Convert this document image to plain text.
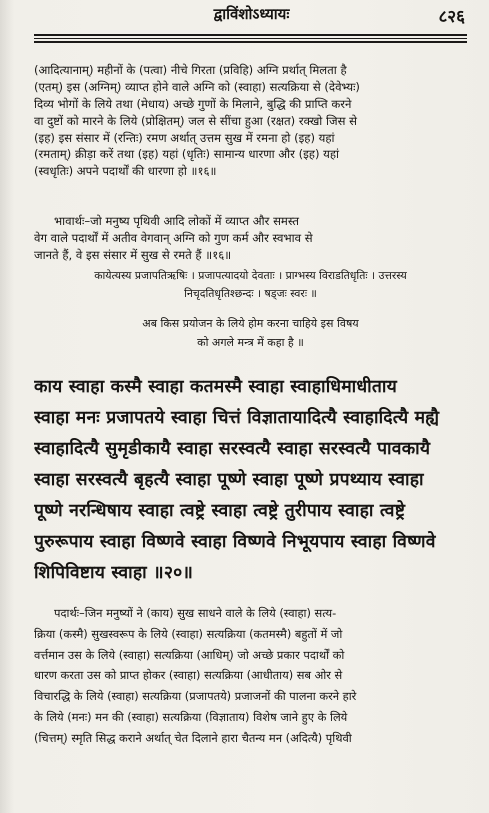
द्वाविंशोऽध्यायः	८२६
(आदित्यानाम्) महीनों के (पत्वा) नीचे गिरता (प्रविहि) अग्नि प्रर्थात् मिलता है
(एतम्) इस (अग्निम्) व्याप्त होने वाले अग्नि को (स्वाहा) सत्यक्रिया से (देवेभ्यः)
दिव्य भोगों के लिये तथा (मेधाय) अच्छे गुणों के मिलाने, बुद्धि की प्राप्ति करने
वा दुष्टों को मारने के लिये (प्रोक्षितम्) जल से सींचा हुआ (रक्षत) रक्खो जिस से
(इह) इस संसार में (रन्तिः) रमण अर्थात् उत्तम सुख में रमना हो (इह) यहां
(रमताम्) क्रीड़ा करें तथा (इह) यहां (धृतिः) सामान्य धारणा और (इह) यहां
(स्वधृतिः) अपने पदार्थों की धारणा हो ॥१६॥
भावार्थः–जो मनुष्य पृथिवी आदि लोकों में व्याप्त और समस्त
वेग वाले पदार्थों में अतीव वेगवान् अग्नि को गुण कर्म और स्वभाव से
जानते हैं, वे इस संसार में सुख से रमते हैं ॥१६॥
कायेत्यस्य प्रजापतिऋषिः । प्रजापत्यादयो देवताः । प्राग्भस्य विराडतिधृतिः । उत्तरस्य
निचृदतिधृतिश्छन्दः । षड्जः स्वरः ॥
अब किस प्रयोजन के लिये होम करना चाहिये इस विषय
को अगले मन्त्र में कहा है ॥
काय स्वाहा कस्मै स्वाहा कतमस्मै स्वाहा स्वाहाधिमाधीताय
स्वाहा मनः प्रजापतये स्वाहा चित्तं विज्ञातायादित्यै स्वाहादित्यै मह्यै
स्वाहादित्यै सुमृडीकायै स्वाहा सरस्वत्यै स्वाहा सरस्वत्यै पावकायै
स्वाहा सरस्वत्यै बृहत्यै स्वाहा पूष्णे स्वाहा पूष्णे प्रपथ्याय स्वाहा
पूष्णे नरन्धिषाय स्वाहा त्वष्ट्रे स्वाहा त्वष्ट्रे तुरीपाय स्वाहा त्वष्ट्रे
पुरुरूपाय स्वाहा विष्णवे स्वाहा विष्णवे निभूयपाय स्वाहा विष्णवे
शिपिविष्टाय स्वाहा ॥२०॥
पदार्थः–जिन मनुष्यों ने (काय) सुख साधने वाले के लिये (स्वाहा) सत्य-
क्रिया (कस्मै) सुखस्वरूप के लिये (स्वाहा) सत्यक्रिया (कतमस्मै) बहुतों में जो
वर्त्तमान उस के लिये (स्वाहा) सत्यक्रिया (आधिम्) जो अच्छे प्रकार पदार्थों को
धारण करता उस को प्राप्त होकर (स्वाहा) सत्यक्रिया (आधीताय) सब ओर से
विचारद्धि के लिये (स्वाहा) सत्यक्रिया (प्रजापतये) प्रजाजनों की पालना करने हारे
के लिये (मनः) मन की (स्वाहा) सत्यक्रिया (विज्ञाताय) विशेष जाने हुए के लिये
(चित्तम्) स्मृति सिद्ध कराने अर्थात् चेत दिलाने हारा चैतन्य मन (अदित्यै) पृथिवी
